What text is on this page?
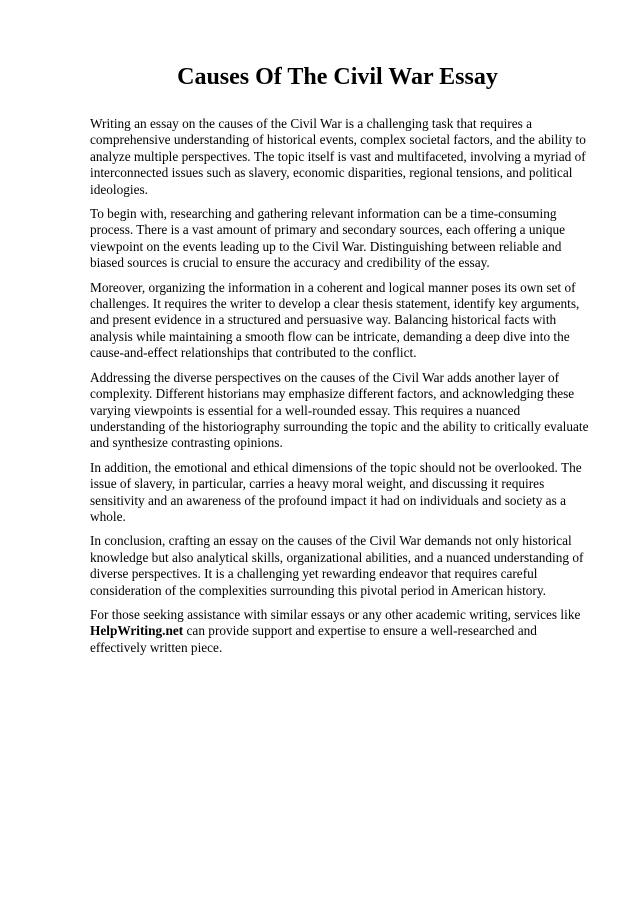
Causes Of The Civil War Essay

Writing an essay on the causes of the Civil War is a challenging task that requires a comprehensive understanding of historical events, complex societal factors, and the ability to analyze multiple perspectives. The topic itself is vast and multifaceted, involving a myriad of interconnected issues such as slavery, economic disparities, regional tensions, and political ideologies.

To begin with, researching and gathering relevant information can be a time-consuming process. There is a vast amount of primary and secondary sources, each offering a unique viewpoint on the events leading up to the Civil War. Distinguishing between reliable and biased sources is crucial to ensure the accuracy and credibility of the essay.

Moreover, organizing the information in a coherent and logical manner poses its own set of challenges. It requires the writer to develop a clear thesis statement, identify key arguments, and present evidence in a structured and persuasive way. Balancing historical facts with analysis while maintaining a smooth flow can be intricate, demanding a deep dive into the cause-and-effect relationships that contributed to the conflict.

Addressing the diverse perspectives on the causes of the Civil War adds another layer of complexity. Different historians may emphasize different factors, and acknowledging these varying viewpoints is essential for a well-rounded essay. This requires a nuanced understanding of the historiography surrounding the topic and the ability to critically evaluate and synthesize contrasting opinions.

In addition, the emotional and ethical dimensions of the topic should not be overlooked. The issue of slavery, in particular, carries a heavy moral weight, and discussing it requires sensitivity and an awareness of the profound impact it had on individuals and society as a whole.

In conclusion, crafting an essay on the causes of the Civil War demands not only historical knowledge but also analytical skills, organizational abilities, and a nuanced understanding of diverse perspectives. It is a challenging yet rewarding endeavor that requires careful consideration of the complexities surrounding this pivotal period in American history.

For those seeking assistance with similar essays or any other academic writing, services like HelpWriting.net can provide support and expertise to ensure a well-researched and effectively written piece.
